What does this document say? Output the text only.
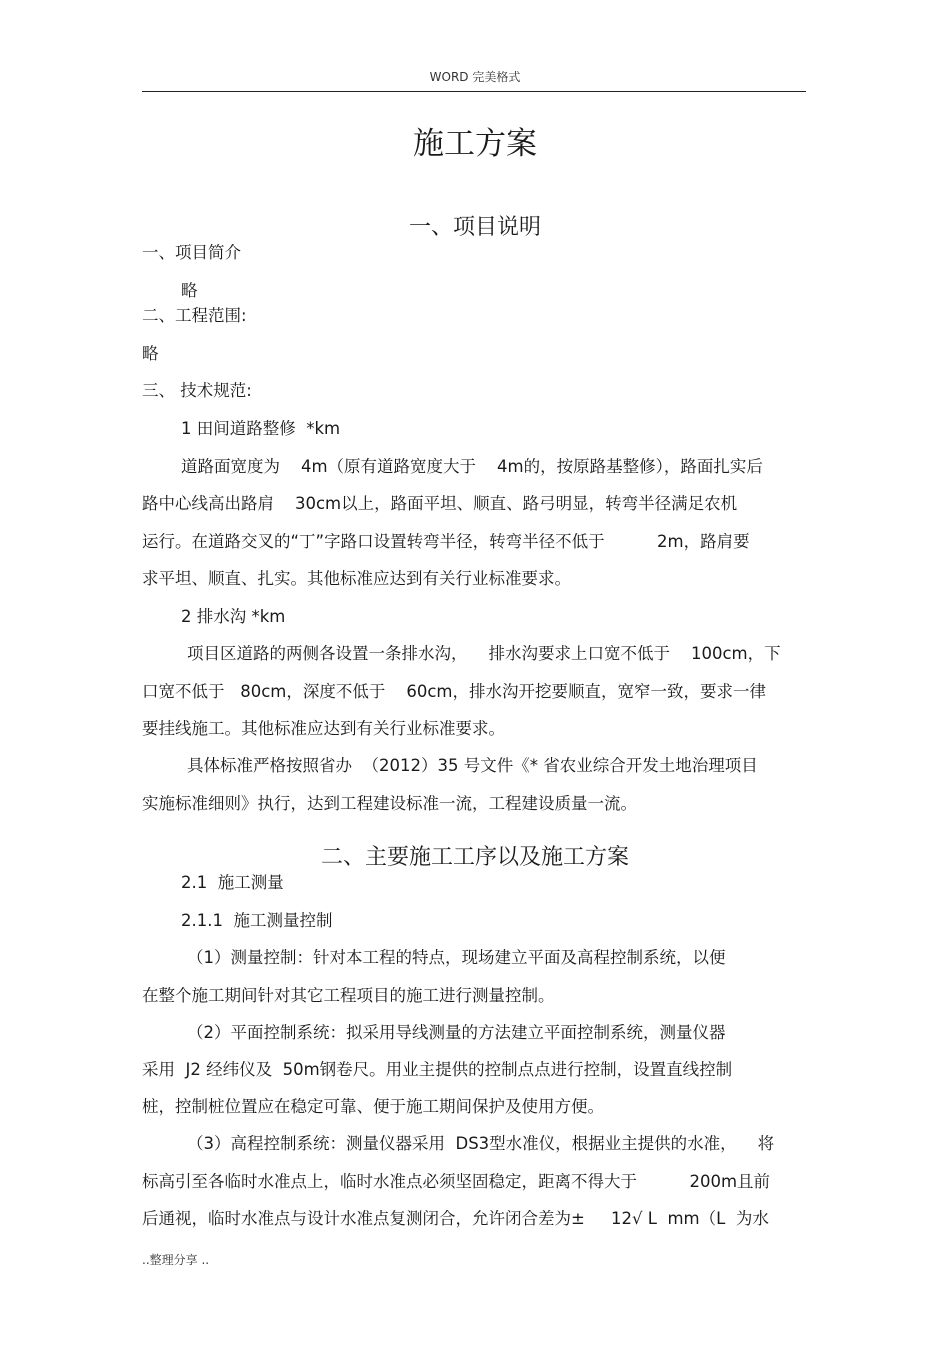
WORD 完美格式
施工方案
一、项目说明
一、项目简介
略
二、工程范围:
略
三、 技术规范:
1 田间道路整修  *km
道路面宽度为    4m（原有道路宽度大于    4m的，按原路基整修），路面扎实后
路中心线高出路肩    30cm以上，路面平坦、顺直、路弓明显，转弯半径满足农机
运行。在道路交叉的“丁”字路口设置转弯半径，转弯半径不低于          2m，路肩要
求平坦、顺直、扎实。其他标准应达到有关行业标准要求。
2 排水沟 *km
项目区道路的两侧各设置一条排水沟，    排水沟要求上口宽不低于    100cm，下
口宽不低于   80cm，深度不低于    60cm，排水沟开挖要顺直，宽窄一致，要求一律
要挂线施工。其他标准应达到有关行业标准要求。
具体标准严格按照省办  （2012）35 号文件《* 省农业综合开发土地治理项目
实施标准细则》执行，达到工程建设标准一流，工程建设质量一流。
二、主要施工工序以及施工方案
2.1  施工测量
2.1.1  施工测量控制
（1）测量控制：针对本工程的特点，现场建立平面及高程控制系统，以便
在整个施工期间针对其它工程项目的施工进行测量控制。
（2）平面控制系统：拟采用导线测量的方法建立平面控制系统，测量仪器
采用  J2 经纬仪及  50m钢卷尺。用业主提供的控制点点进行控制，设置直线控制
桩，控制桩位置应在稳定可靠、便于施工期间保护及使用方便。
（3）高程控制系统：测量仪器采用  DS3型水准仪，根据业主提供的水准，    将
标高引至各临时水准点上，临时水准点必须坚固稳定，距离不得大于          200m且前
后通视，临时水准点与设计水准点复测闭合，允许闭合差为±     12√ L  mm（L  为水
..整理分享 ..
